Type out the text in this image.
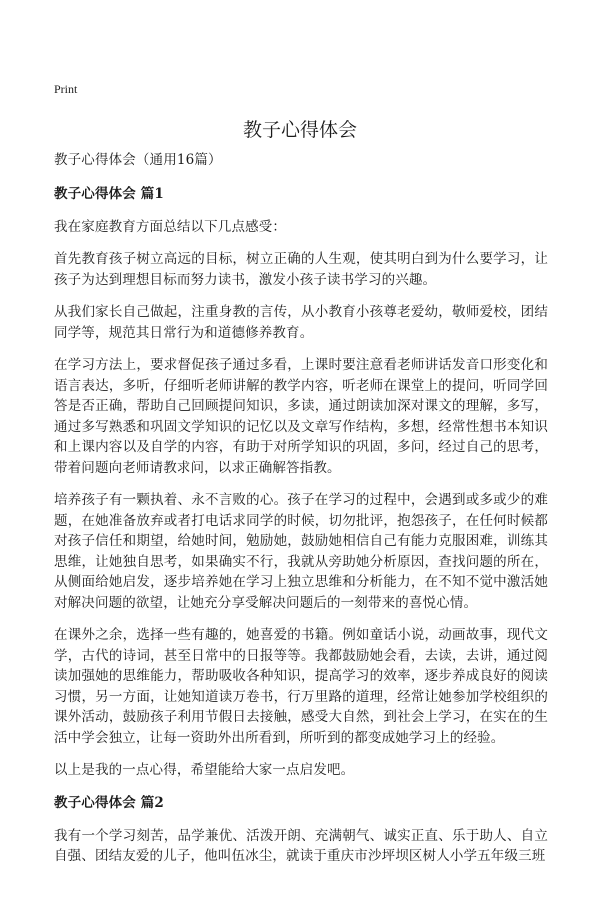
Print
教子心得体会

教子心得体会（通用16篇）

教子心得体会 篇1

我在家庭教育方面总结以下几点感受：

首先教育孩子树立高远的目标，树立正确的人生观，使其明白到为什么要学习，让孩子为达到理想目标而努力读书，激发小孩子读书学习的兴趣。

从我们家长自己做起，注重身教的言传，从小教育小孩尊老爱幼，敬师爱校，团结同学等，规范其日常行为和道德修养教育。

在学习方法上，要求督促孩子通过多看，上课时要注意看老师讲话发音口形变化和语言表达，多听，仔细听老师讲解的教学内容，听老师在课堂上的提问，听同学回答是否正确，帮助自己回顾提问知识，多读，通过朗读加深对课文的理解，多写，通过多写熟悉和巩固文学知识的记忆以及文章写作结构，多想，经常性想书本知识和上课内容以及自学的内容，有助于对所学知识的巩固，多问，经过自己的思考，带着问题向老师请教求问，以求正确解答指教。

培养孩子有一颗执着、永不言败的心。孩子在学习的过程中，会遇到或多或少的难题，在她准备放弃或者打电话求同学的时候，切勿批评，抱怨孩子，在任何时候都对孩子信任和期望，给她时间，勉励她，鼓励她相信自己有能力克服困难，训练其思维，让她独自思考，如果确实不行，我就从旁助她分析原因，查找问题的所在，从侧面给她启发，逐步培养她在学习上独立思维和分析能力，在不知不觉中激活她对解决问题的欲望，让她充分享受解决问题后的一刻带来的喜悦心情。

在课外之余，选择一些有趣的，她喜爱的书籍。例如童话小说，动画故事，现代文学，古代的诗词，甚至日常中的日报等等。我都鼓励她会看，去读，去讲，通过阅读加强她的思维能力，帮助吸收各种知识，提高学习的效率，逐步养成良好的阅读习惯，另一方面，让她知道读万卷书，行万里路的道理，经常让她参加学校组织的课外活动，鼓励孩子利用节假日去接触，感受大自然，到社会上学习，在实在的生活中学会独立，让每一资助外出所看到，所听到的都变成她学习上的经验。

以上是我的一点心得，希望能给大家一点启发吧。

教子心得体会 篇2

我有一个学习刻苦，品学兼优、活泼开朗、充满朝气、诚实正直、乐于助人、自立自强、团结友爱的儿子，他叫伍冰尘，就读于重庆市沙坪坝区树人小学五年级三班
